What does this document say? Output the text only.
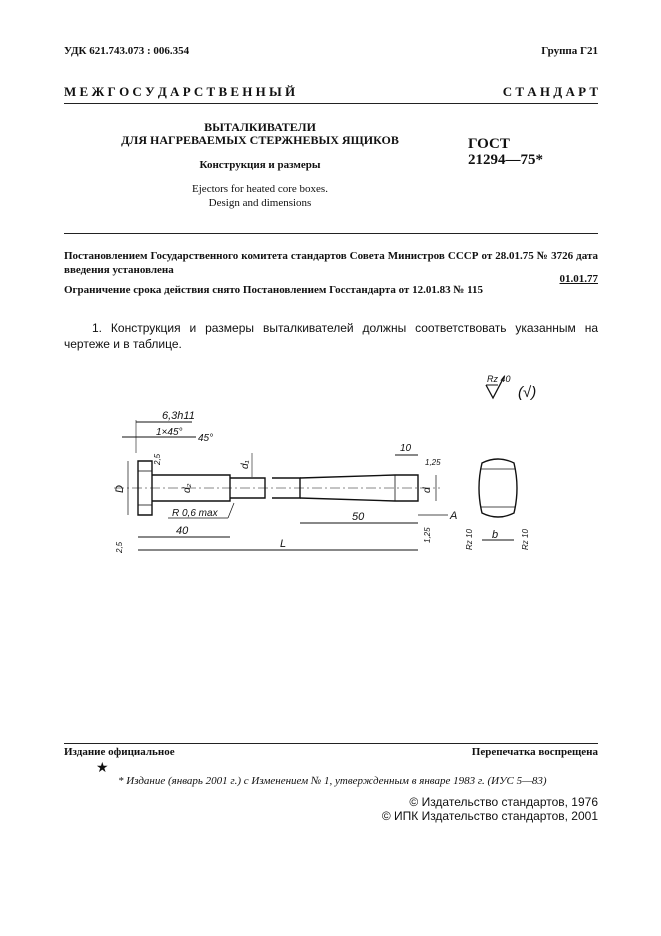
УДК 621.743.073 : 006.354	Группа Г21
М Е Ж Г О С У Д А Р С Т В Е Н Н Ы Й	С Т А Н Д А Р Т
ВЫТАЛКИВАТЕЛИ
ДЛЯ НАГРЕВАЕМЫХ СТЕРЖНЕВЫХ ЯЩИКОВ
Конструкция и размеры
Ejectors for heated core boxes.
Design and dimensions
ГОСТ
21294—75*
Постановлением Государственного комитета стандартов Совета Министров СССР от 28.01.75 № 3726 дата введения установлена
01.01.77
Ограничение срока действия снято Постановлением Госстандарта от 12.01.83 № 115
1. Конструкция и размеры выталкивателей должны соответствовать указанным на чертеже и в таблице.
Rz 40
(√)
6,3h11
1×45°
45°
D
2,5
d₂
d₁
R 0,6 max
40
L
2,5
50
10
1,25
1,25
d
A
b
Rz 10	Rz 10
Издание официальное	Перепечатка воспрещена
★
* Издание (январь 2001 г.) с Изменением № 1, утвержденным в январе 1983 г. (ИУС 5—83)
© Издательство стандартов, 1976
© ИПК Издательство стандартов, 2001
